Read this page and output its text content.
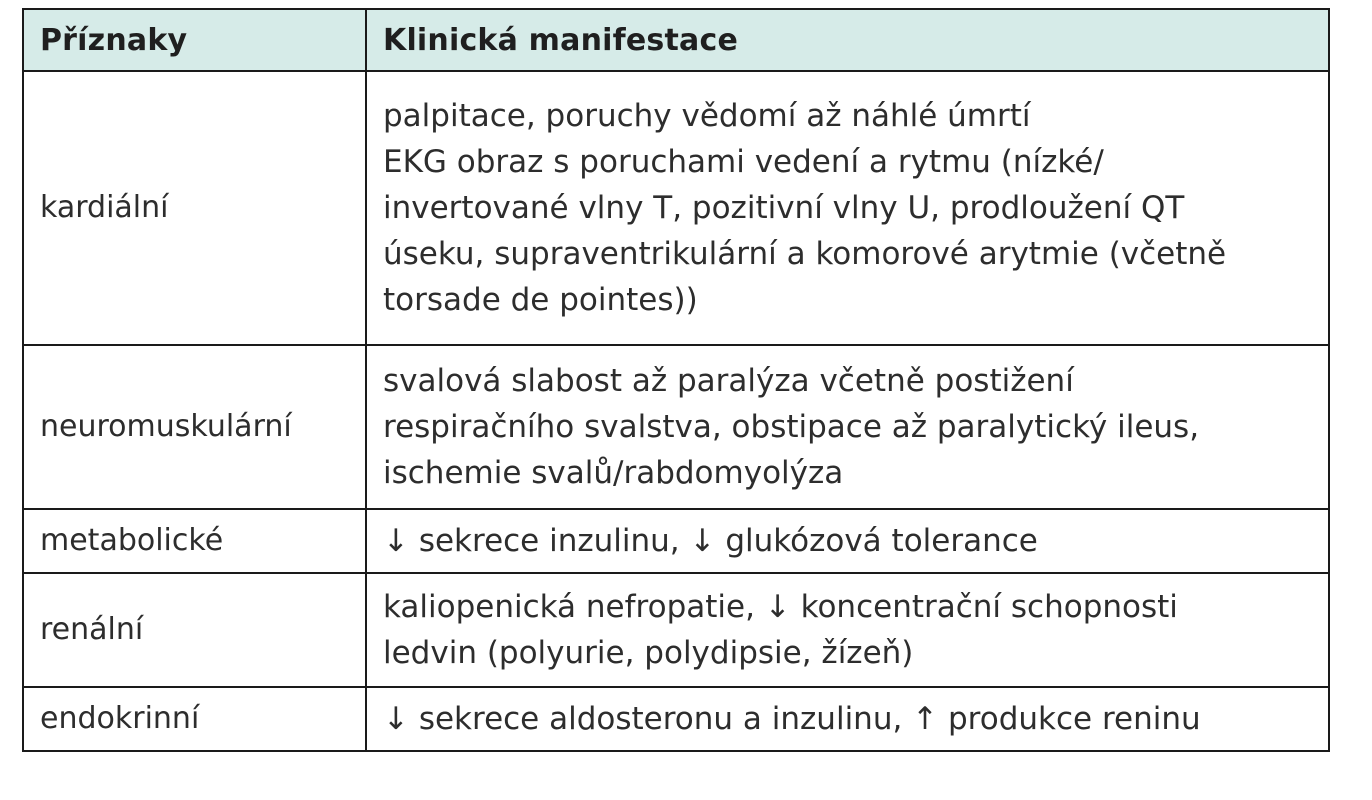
Příznaky	Klinická manifestace
kardiální	palpitace, poruchy vědomí až náhlé úmrtí
EKG obraz s poruchami vedení a rytmu (nízké/
invertované vlny T, pozitivní vlny U, prodloužení QT
úseku, supraventrikulární a komorové arytmie (včetně
torsade de pointes))

neuromuskulární	svalová slabost až paralýza včetně postižení
respiračního svalstva, obstipace až paralytický ileus,
ischemie svalů/rabdomyolýza

metabolické	↓ sekrece inzulinu, ↓ glukózová tolerance

renální	kaliopenická nefropatie, ↓ koncentrační schopnosti
ledvin (polyurie, polydipsie, žízeň)

endokrinní	↓ sekrece aldosteronu a inzulinu, ↑ produkce reninu
